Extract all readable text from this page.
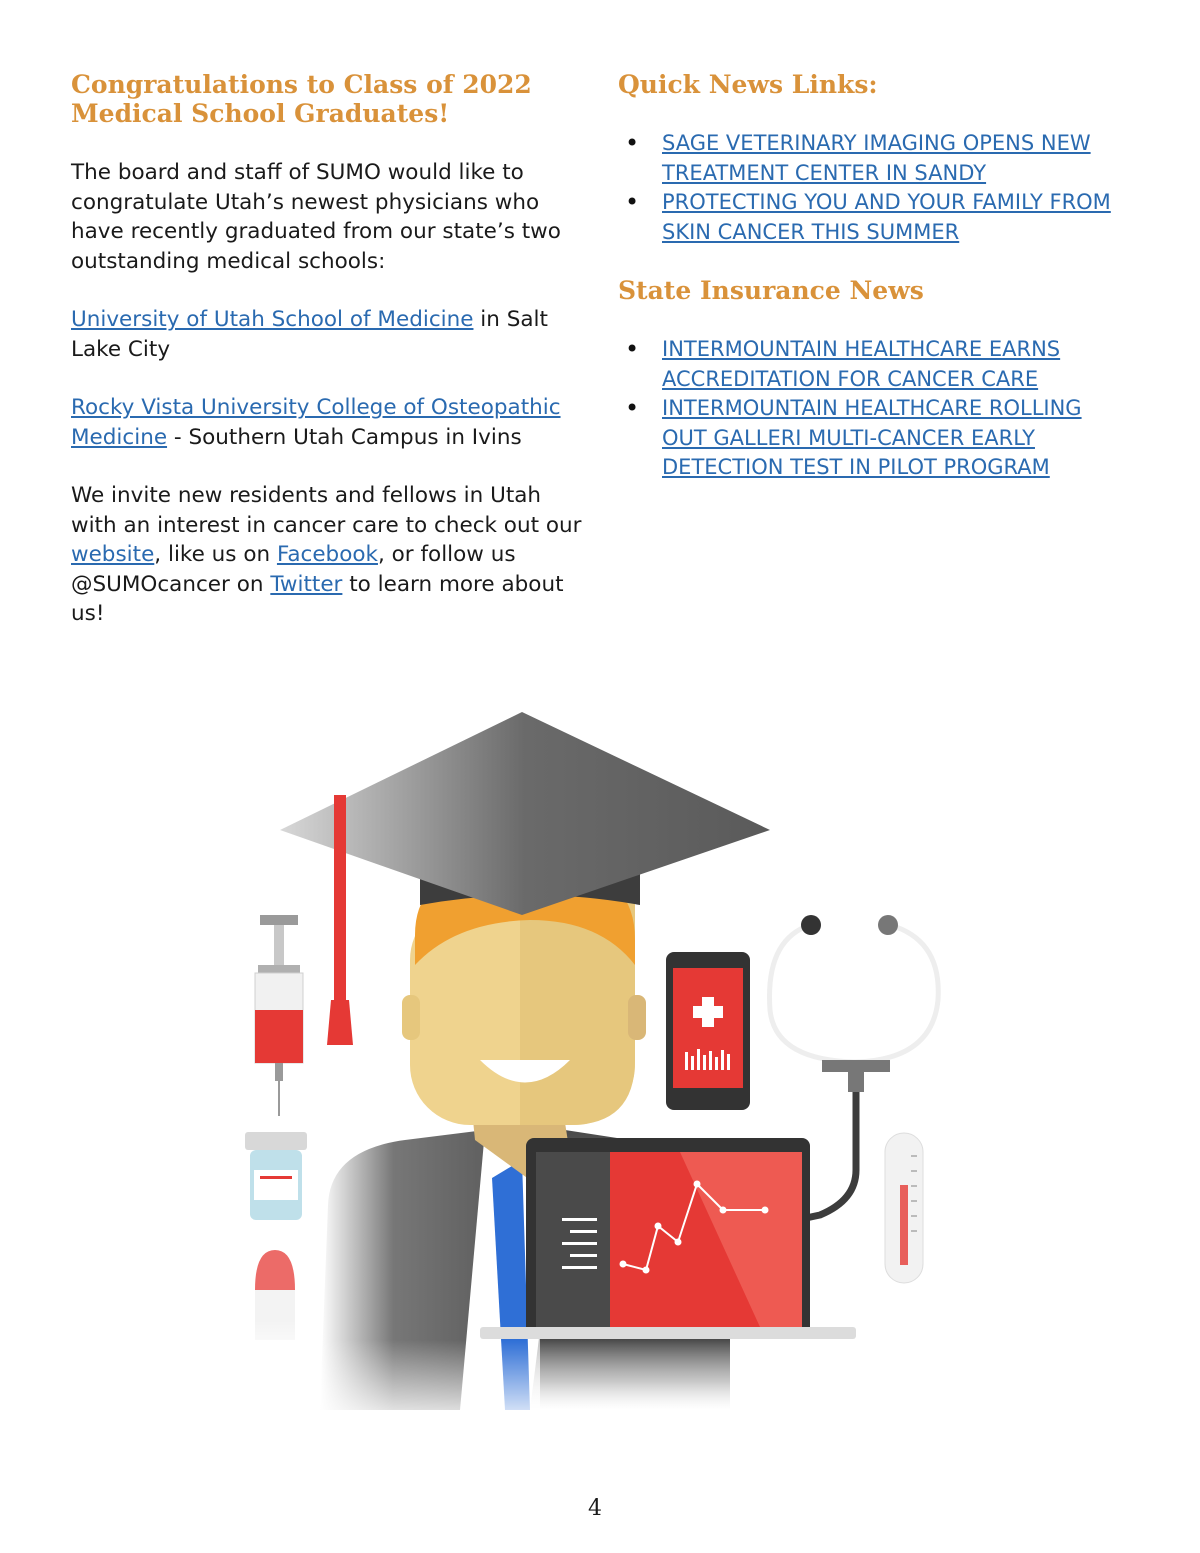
Congratulations to Class of 2022 Medical School Graduates!

The board and staff of SUMO would like to congratulate Utah’s newest physicians who have recently graduated from our state’s two outstanding medical schools:

University of Utah School of Medicine in Salt Lake City

Rocky Vista University College of Osteopathic Medicine - Southern Utah Campus in Ivins

We invite new residents and fellows in Utah with an interest in cancer care to check out our website, like us on Facebook, or follow us @SUMOcancer on Twitter to learn more about us!

Quick News Links:
• SAGE VETERINARY IMAGING OPENS NEW TREATMENT CENTER IN SANDY
• PROTECTING YOU AND YOUR FAMILY FROM SKIN CANCER THIS SUMMER
State Insurance News
• INTERMOUNTAIN HEALTHCARE EARNS ACCREDITATION FOR CANCER CARE
• INTERMOUNTAIN HEALTHCARE ROLLING OUT GALLERI MULTI-CANCER EARLY DETECTION TEST IN PILOT PROGRAM
4
